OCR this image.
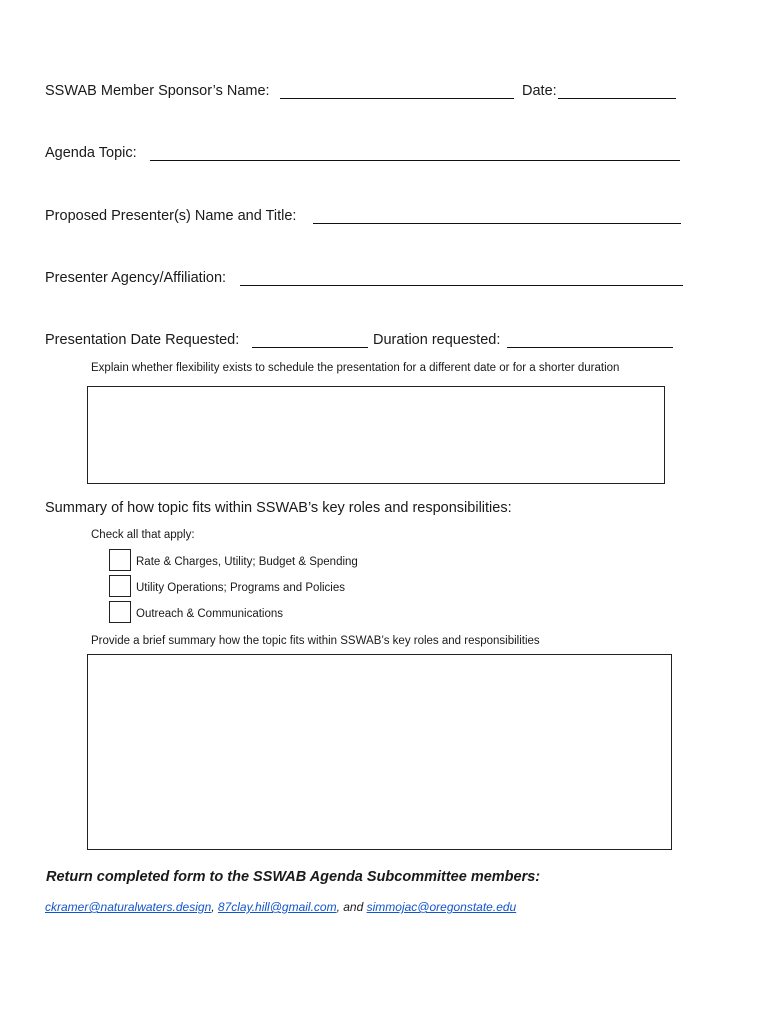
SSWAB Member Sponsor’s Name:	Date:
Agenda Topic:
Proposed Presenter(s) Name and Title:
Presenter Agency/Affiliation:
Presentation Date Requested:	Duration requested:
Explain whether flexibility exists to schedule the presentation for a different date or for a shorter duration
Summary of how topic fits within SSWAB’s key roles and responsibilities:
Check all that apply:
Rate & Charges, Utility; Budget & Spending
Utility Operations; Programs and Policies
Outreach & Communications
Provide a brief summary how the topic fits within SSWAB’s key roles and responsibilities
Return completed form to the SSWAB Agenda Subcommittee members:
ckramer@naturalwaters.design, 87clay.hill@gmail.com, and simmojac@oregonstate.edu
